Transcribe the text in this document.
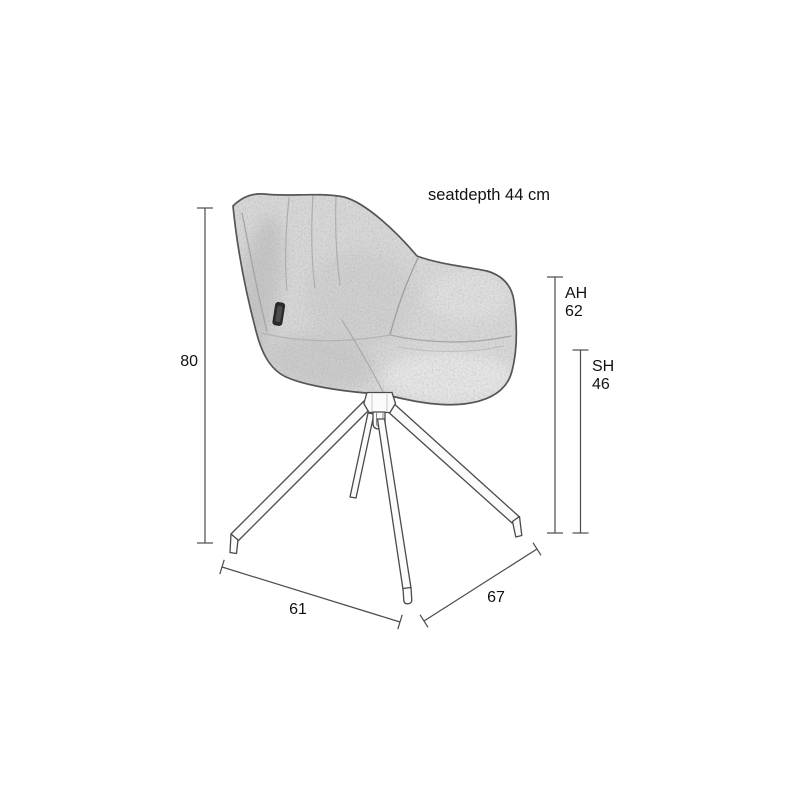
seatdepth 44 cm
80
AH
62
SH
46
61
67
